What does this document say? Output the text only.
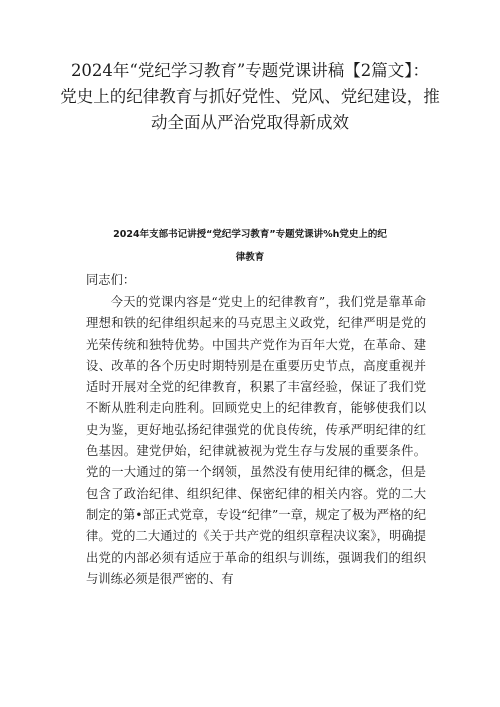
2024年“党纪学习教育”专题党课讲稿【2篇文】：
党史上的纪律教育与抓好党性、党风、党纪建设，推
动全面从严治党取得新成效
2024年支部书记讲授“党纪学习教育”专题党课讲%h党史上的纪
律教育

同志们：

今天的党课内容是“党史上的纪律教育”，我们党是靠革命理想和铁的纪律组织起来的马克思主义政党，纪律严明是党的光荣传统和独特优势。中国共产党作为百年大党，在革命、建设、改革的各个历史时期特别是在重要历史节点，高度重视并适时开展对全党的纪律教育，积累了丰富经验，保证了我们党不断从胜利走向胜利。回顾党史上的纪律教育，能够使我们以史为鉴，更好地弘扬纪律强党的优良传统，传承严明纪律的红色基因。建党伊始，纪律就被视为党生存与发展的重要条件。党的一大通过的第一个纲领，虽然没有使用纪律的概念，但是包含了政治纪律、组织纪律、保密纪律的相关内容。党的二大制定的第•部正式党章，专设“纪律”一章，规定了极为严格的纪律。党的二大通过的《关于共产党的组织章程决议案》，明确提出党的内部必须有适应于革命的组织与训练，强调我们的组织与训练必须是很严密的、有
